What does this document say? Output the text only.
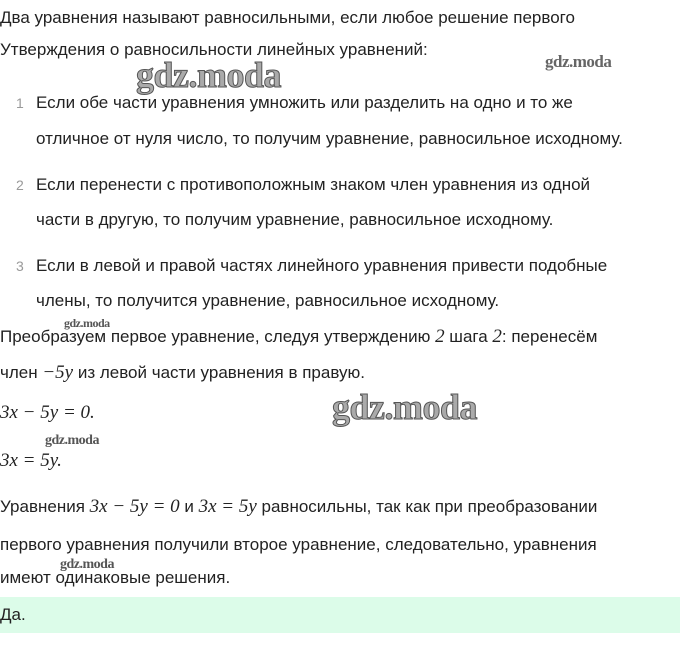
Два уравнения называют равносильными, если любое решение первого
Утверждения о равносильности линейных уравнений:
gdz.moda	gdz.moda
1 Если обе части уравнения умножить или разделить на одно и то же
отличное от нуля число, то получим уравнение, равносильное исходному.
2 Если перенести с противоположным знаком член уравнения из одной
части в другую, то получим уравнение, равносильное исходному.
3 Если в левой и правой частях линейного уравнения привести подобные
члены, то получится уравнение, равносильное исходному.
gdz.moda
Преобразуем первое уравнение, следуя утверждению 2 шага 2: перенесём
член −5y из левой части уравнения в правую.
3x − 5y = 0.	gdz.moda
gdz.moda
3x = 5y.
Уравнения 3x − 5y = 0 и 3x = 5y равносильны, так как при преобразовании
первого уравнения получили второе уравнение, следовательно, уравнения
gdz.moda
имеют одинаковые решения.
Да.
